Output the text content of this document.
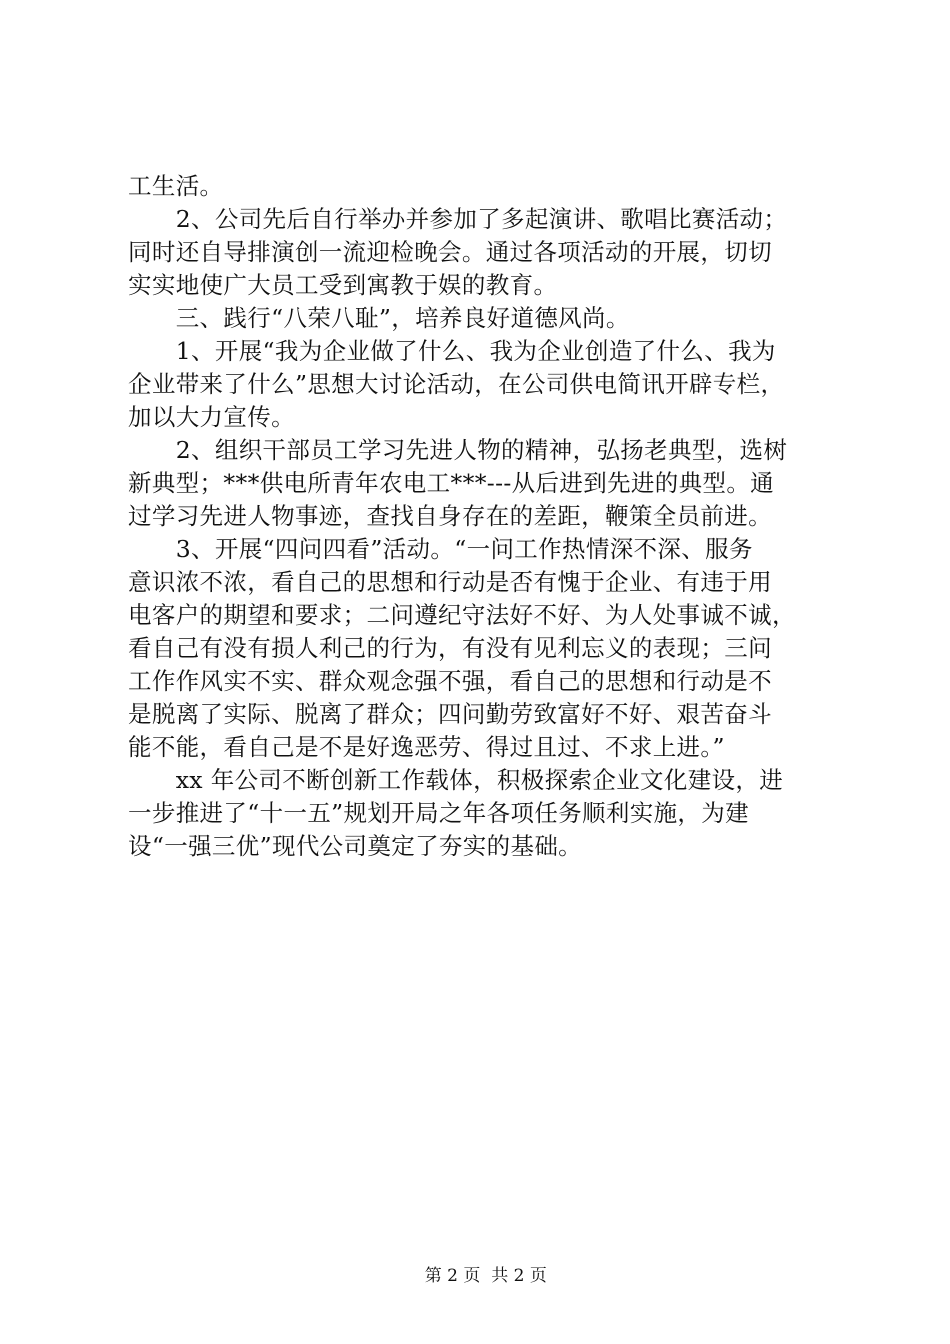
工生活。
　　2、公司先后自行举办并参加了多起演讲、歌唱比赛活动；
同时还自导排演创一流迎检晚会。通过各项活动的开展，切切
实实地使广大员工受到寓教于娱的教育。
　　三、践行“八荣八耻”，培养良好道德风尚。
　　1、开展“我为企业做了什么、我为企业创造了什么、我为
企业带来了什么”思想大讨论活动，在公司供电简讯开辟专栏，
加以大力宣传。
　　2、组织干部员工学习先进人物的精神，弘扬老典型，选树
新典型；***供电所青年农电工***---从后进到先进的典型。通
过学习先进人物事迹，查找自身存在的差距，鞭策全员前进。
　　3、开展“四问四看”活动。“一问工作热情深不深、服务
意识浓不浓，看自己的思想和行动是否有愧于企业、有违于用
电客户的期望和要求；二问遵纪守法好不好、为人处事诚不诚，
看自己有没有损人利己的行为，有没有见利忘义的表现；三问
工作作风实不实、群众观念强不强，看自己的思想和行动是不
是脱离了实际、脱离了群众；四问勤劳致富好不好、艰苦奋斗
能不能，看自己是不是好逸恶劳、得过且过、不求上进。”
　　xx 年公司不断创新工作载体，积极探索企业文化建设，进
一步推进了“十一五”规划开局之年各项任务顺利实施，为建
设“一强三优”现代公司奠定了夯实的基础。

第 2 页  共 2 页
